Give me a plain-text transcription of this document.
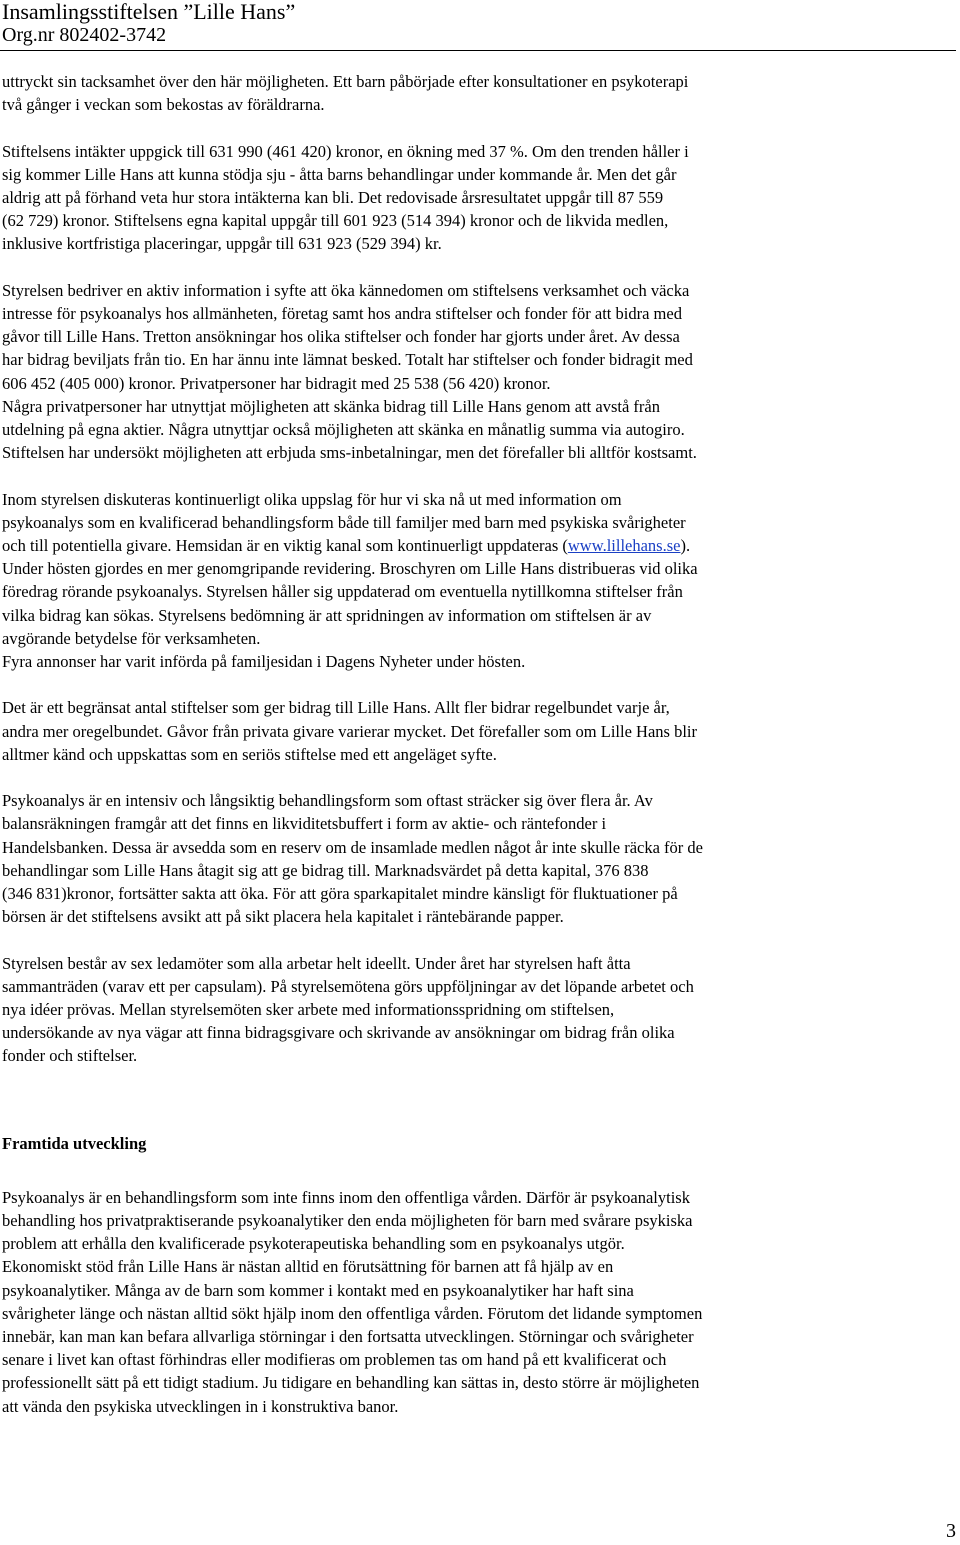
Insamlingsstiftelsen ”Lille Hans”
Org.nr 802402-3742

uttryckt sin tacksamhet över den här möjligheten. Ett barn påbörjade efter konsultationer en psykoterapi
två gånger i veckan som bekostas av föräldrarna.

Stiftelsens intäkter uppgick till 631 990 (461 420) kronor, en ökning med 37 %. Om den trenden håller i
sig kommer Lille Hans att kunna stödja sju - åtta barns behandlingar under kommande år. Men det går
aldrig att på förhand veta hur stora intäkterna kan bli. Det redovisade årsresultatet uppgår till 87 559
(62 729) kronor. Stiftelsens egna kapital uppgår till 601 923 (514 394) kronor och de likvida medlen,
inklusive kortfristiga placeringar, uppgår till 631 923 (529 394) kr.

Styrelsen bedriver en aktiv information i syfte att öka kännedomen om stiftelsens verksamhet och väcka
intresse för psykoanalys hos allmänheten, företag samt hos andra stiftelser och fonder för att bidra med
gåvor till Lille Hans. Tretton ansökningar hos olika stiftelser och fonder har gjorts under året. Av dessa
har bidrag beviljats från tio. En har ännu inte lämnat besked. Totalt har stiftelser och fonder bidragit med
606 452 (405 000) kronor. Privatpersoner har bidragit med 25 538 (56 420) kronor.
Några privatpersoner har utnyttjat möjligheten att skänka bidrag till Lille Hans genom att avstå från
utdelning på egna aktier. Några utnyttjar också möjligheten att skänka en månatlig summa via autogiro.
Stiftelsen har undersökt möjligheten att erbjuda sms-inbetalningar, men det förefaller bli alltför kostsamt.

Inom styrelsen diskuteras kontinuerligt olika uppslag för hur vi ska nå ut med information om
psykoanalys som en kvalificerad behandlingsform både till familjer med barn med psykiska svårigheter
och till potentiella givare. Hemsidan är en viktig kanal som kontinuerligt uppdateras (www.lillehans.se).
Under hösten gjordes en mer genomgripande revidering. Broschyren om Lille Hans distribueras vid olika
föredrag rörande psykoanalys. Styrelsen håller sig uppdaterad om eventuella nytillkomna stiftelser från
vilka bidrag kan sökas. Styrelsens bedömning är att spridningen av information om stiftelsen är av
avgörande betydelse för verksamheten.
Fyra annonser har varit införda på familjesidan i Dagens Nyheter under hösten.

Det är ett begränsat antal stiftelser som ger bidrag till Lille Hans. Allt fler bidrar regelbundet varje år,
andra mer oregelbundet. Gåvor från privata givare varierar mycket. Det förefaller som om Lille Hans blir
alltmer känd och uppskattas som en seriös stiftelse med ett angeläget syfte.

Psykoanalys är en intensiv och långsiktig behandlingsform som oftast sträcker sig över flera år. Av
balansräkningen framgår att det finns en likviditetsbuffert i form av aktie- och räntefonder i
Handelsbanken. Dessa är avsedda som en reserv om de insamlade medlen något år inte skulle räcka för de
behandlingar som Lille Hans åtagit sig att ge bidrag till. Marknadsvärdet på detta kapital, 376 838
(346 831)kronor, fortsätter sakta att öka. För att göra sparkapitalet mindre känsligt för fluktuationer på
börsen är det stiftelsens avsikt att på sikt placera hela kapitalet i räntebärande papper.

Styrelsen består av sex ledamöter som alla arbetar helt ideellt. Under året har styrelsen haft åtta
sammanträden (varav ett per capsulam). På styrelsemötena görs uppföljningar av det löpande arbetet och
nya idéer prövas. Mellan styrelsemöten sker arbete med informationsspridning om stiftelsen,
undersökande av nya vägar att finna bidragsgivare och skrivande av ansökningar om bidrag från olika
fonder och stiftelser.

Framtida utveckling

Psykoanalys är en behandlingsform som inte finns inom den offentliga vården. Därför är psykoanalytisk
behandling hos privatpraktiserande psykoanalytiker den enda möjligheten för barn med svårare psykiska
problem att erhålla den kvalificerade psykoterapeutiska behandling som en psykoanalys utgör.
Ekonomiskt stöd från Lille Hans är nästan alltid en förutsättning för barnen att få hjälp av en
psykoanalytiker. Många av de barn som kommer i kontakt med en psykoanalytiker har haft sina
svårigheter länge och nästan alltid sökt hjälp inom den offentliga vården. Förutom det lidande symptomen
innebär, kan man kan befara allvarliga störningar i den fortsatta utvecklingen. Störningar och svårigheter
senare i livet kan oftast förhindras eller modifieras om problemen tas om hand på ett kvalificerat och
professionellt sätt på ett tidigt stadium. Ju tidigare en behandling kan sättas in, desto större är möjligheten
att vända den psykiska utvecklingen in i konstruktiva banor.

3
